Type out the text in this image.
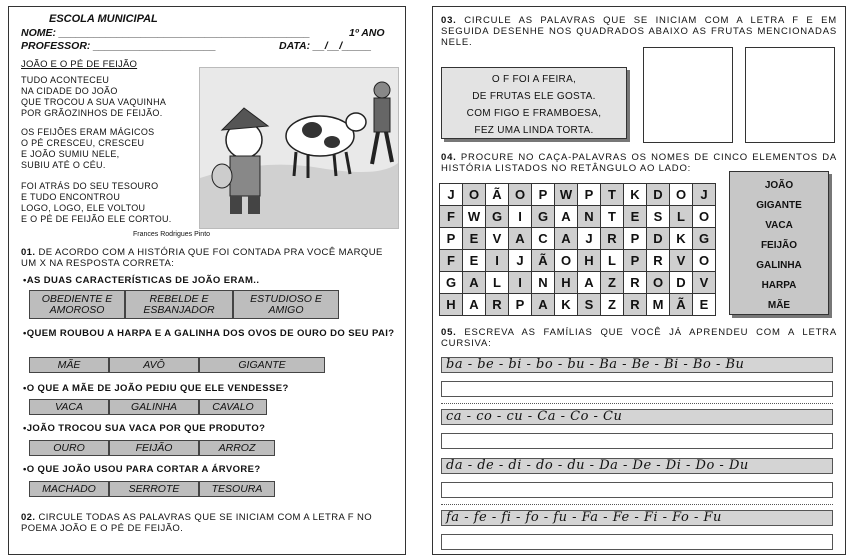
ESCOLA MUNICIPAL
NOME: ___________________________________________	1º ANO
PROFESSOR: _____________________	DATA: __/__/_____
JOÃO E O PÉ DE FEIJÃO
TUDO ACONTECEU
NA CIDADE DO JOÃO
QUE TROCOU A SUA VAQUINHA
POR GRÃOZINHOS DE FEIJÃO.
OS FEIJÕES ERAM MÁGICOS
O PÉ CRESCEU, CRESCEU
E JOÃO SUMIU NELE,
SUBIU ATÉ O CÉU.
FOI ATRÁS DO SEU TESOURO
E TUDO ENCONTROU
LOGO, LOGO, ELE VOLTOU
E O PÉ DE FEIJÃO ELE CORTOU.
Frances Rodrigues Pinto
01. DE ACORDO COM A HISTÓRIA QUE FOI CONTADA PRA VOCÊ MARQUE UM X NA RESPOSTA CORRETA:
•AS DUAS CARACTERÍSTICAS DE JOÃO ERAM..
OBEDIENTE E AMOROSO
REBELDE E ESBANJADOR
ESTUDIOSO E AMIGO
•QUEM ROUBOU A HARPA E A GALINHA DOS OVOS DE OURO DO SEU PAI?
MÃE	AVÔ	GIGANTE
•O QUE A MÃE DE JOÃO PEDIU QUE ELE VENDESSE?
VACA	GALINHA	CAVALO
•JOÃO TROCOU SUA VACA POR QUE PRODUTO?
OURO	FEIJÃO	ARROZ
•O QUE JOÃO USOU PARA CORTAR A ÁRVORE?
MACHADO	SERROTE	TESOURA
02. CIRCULE TODAS AS PALAVRAS QUE SE INICIAM COM A LETRA F NO POEMA JOÃO E O PÉ DE FEIJÃO.
03. CIRCULE AS PALAVRAS QUE SE INICIAM COM A LETRA F E EM SEGUIDA DESENHE NOS QUADRADOS ABAIXO AS FRUTAS MENCIONADAS NELE.
O F FOI A FEIRA,
DE FRUTAS ELE GOSTA.
COM FIGO E FRAMBOESA,
FEZ UMA LINDA TORTA.
04. PROCURE NO CAÇA-PALAVRAS OS NOMES DE CINCO ELEMENTOS DA HISTÓRIA LISTADOS NO RETÂNGULO AO LADO:
J	O	Ã	O	P	W	P	T	K	D	O	J
F	W	G	I	G	A	N	T	E	S	L	O
P	E	V	A	C	A	J	R	P	D	K	G
F	E	I	J	Ã	O	H	L	P	R	V	O
G	A	L	I	N	H	A	Z	R	O	D	V
H	A	R	P	A	K	S	Z	R	M	Ã	E
JOÃO
GIGANTE
VACA
FEIJÃO
GALINHA
HARPA
MÃE
05. ESCREVA AS FAMÍLIAS QUE VOCÊ JÁ APRENDEU COM A LETRA CURSIVA:
ba - be - bi - bo - bu - Ba - Be - Bi - Bo - Bu
ca - co - cu - Ca - Co - Cu
da - de - di - do - du - Da - De - Di - Do - Du
fa - fe - fi - fo - fu - Fa - Fe - Fi - Fo - Fu
